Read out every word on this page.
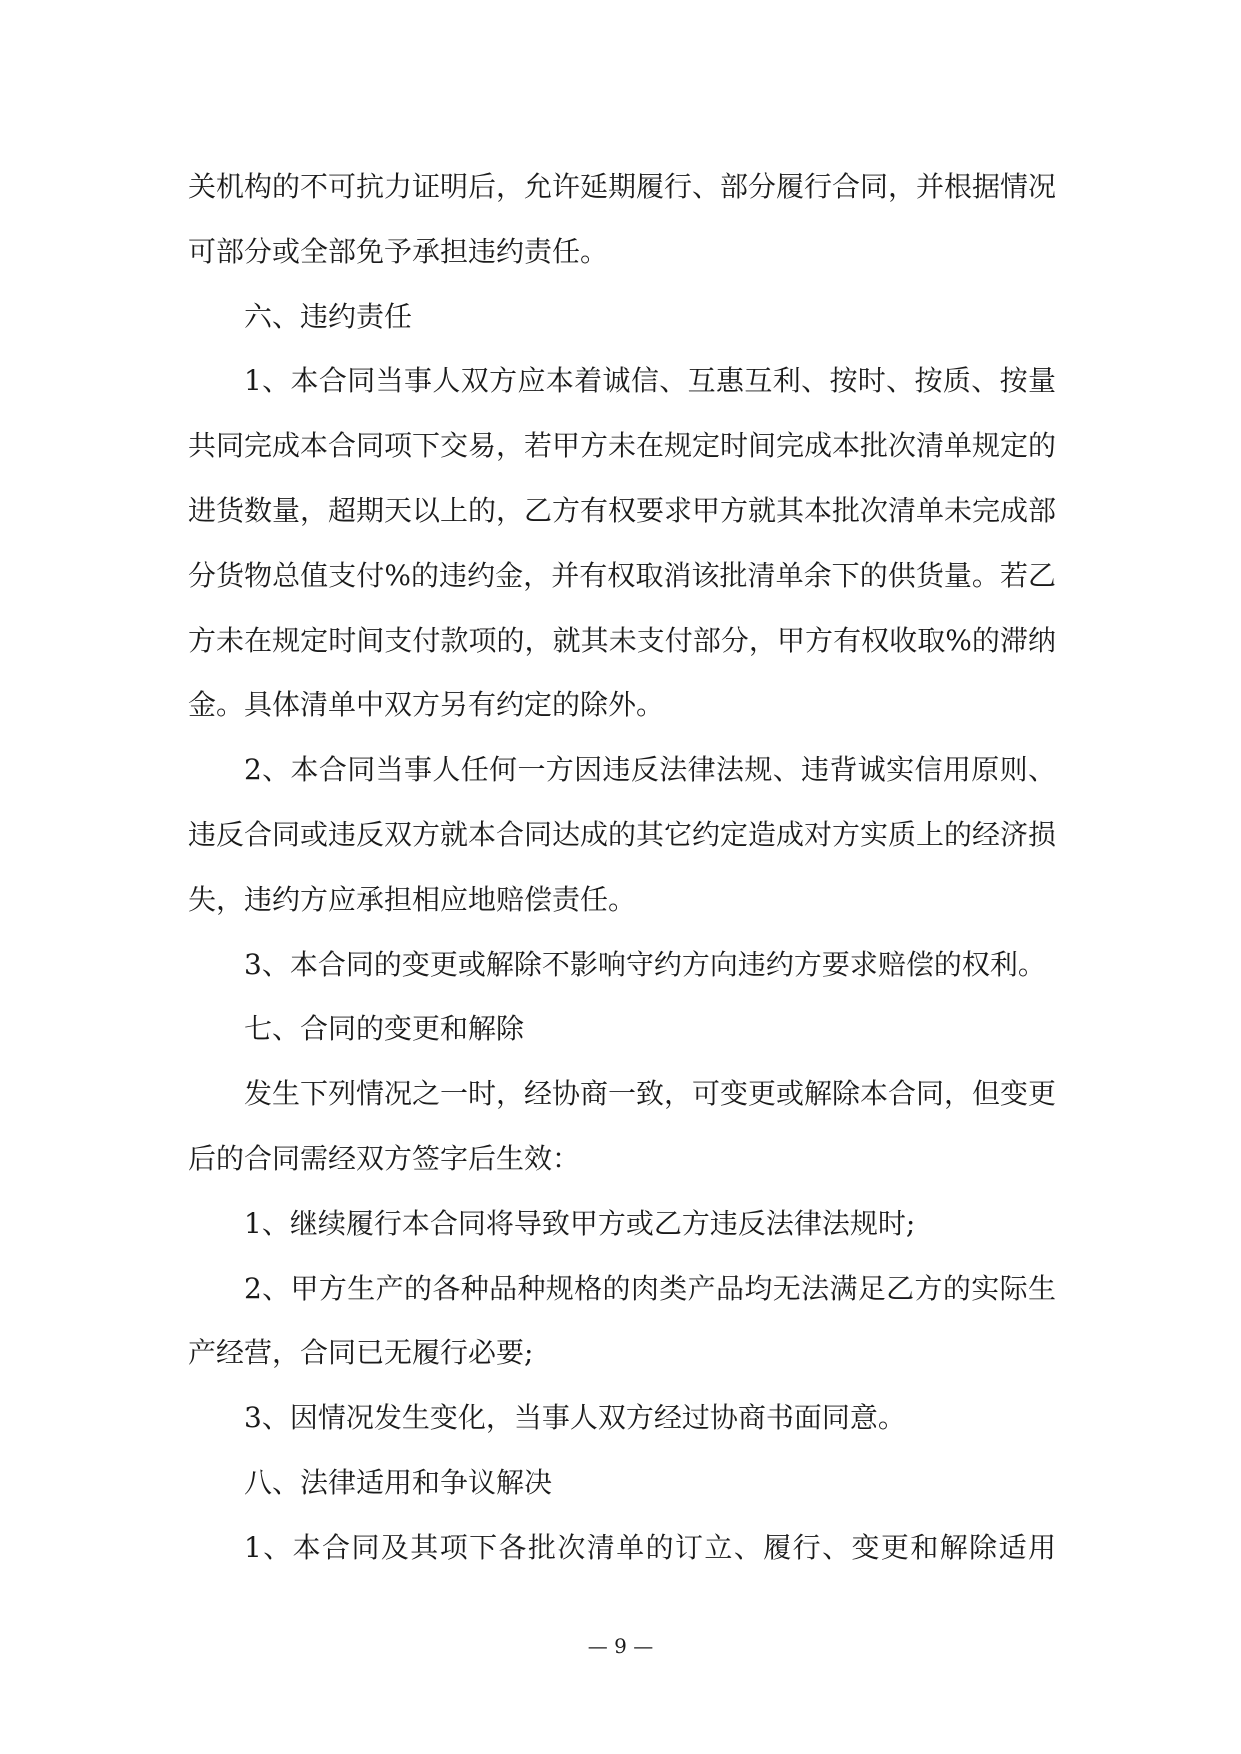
关机构的不可抗力证明后，允许延期履行、部分履行合同，并根据情况可部分或全部免予承担违约责任。

六、违约责任

1、本合同当事人双方应本着诚信、互惠互利、按时、按质、按量共同完成本合同项下交易，若甲方未在规定时间完成本批次清单规定的进货数量，超期天以上的，乙方有权要求甲方就其本批次清单未完成部分货物总值支付%的违约金，并有权取消该批清单余下的供货量。若乙方未在规定时间支付款项的，就其未支付部分，甲方有权收取%的滞纳金。具体清单中双方另有约定的除外。

2、本合同当事人任何一方因违反法律法规、违背诚实信用原则、违反合同或违反双方就本合同达成的其它约定造成对方实质上的经济损失，违约方应承担相应地赔偿责任。

3、本合同的变更或解除不影响守约方向违约方要求赔偿的权利。

七、合同的变更和解除

发生下列情况之一时，经协商一致，可变更或解除本合同，但变更后的合同需经双方签字后生效：

1、继续履行本合同将导致甲方或乙方违反法律法规时;

2、甲方生产的各种品种规格的肉类产品均无法满足乙方的实际生产经营，合同已无履行必要;

3、因情况发生变化，当事人双方经过协商书面同意。

八、法律适用和争议解决

1、本合同及其项下各批次清单的订立、履行、变更和解除适用

— 9 —
